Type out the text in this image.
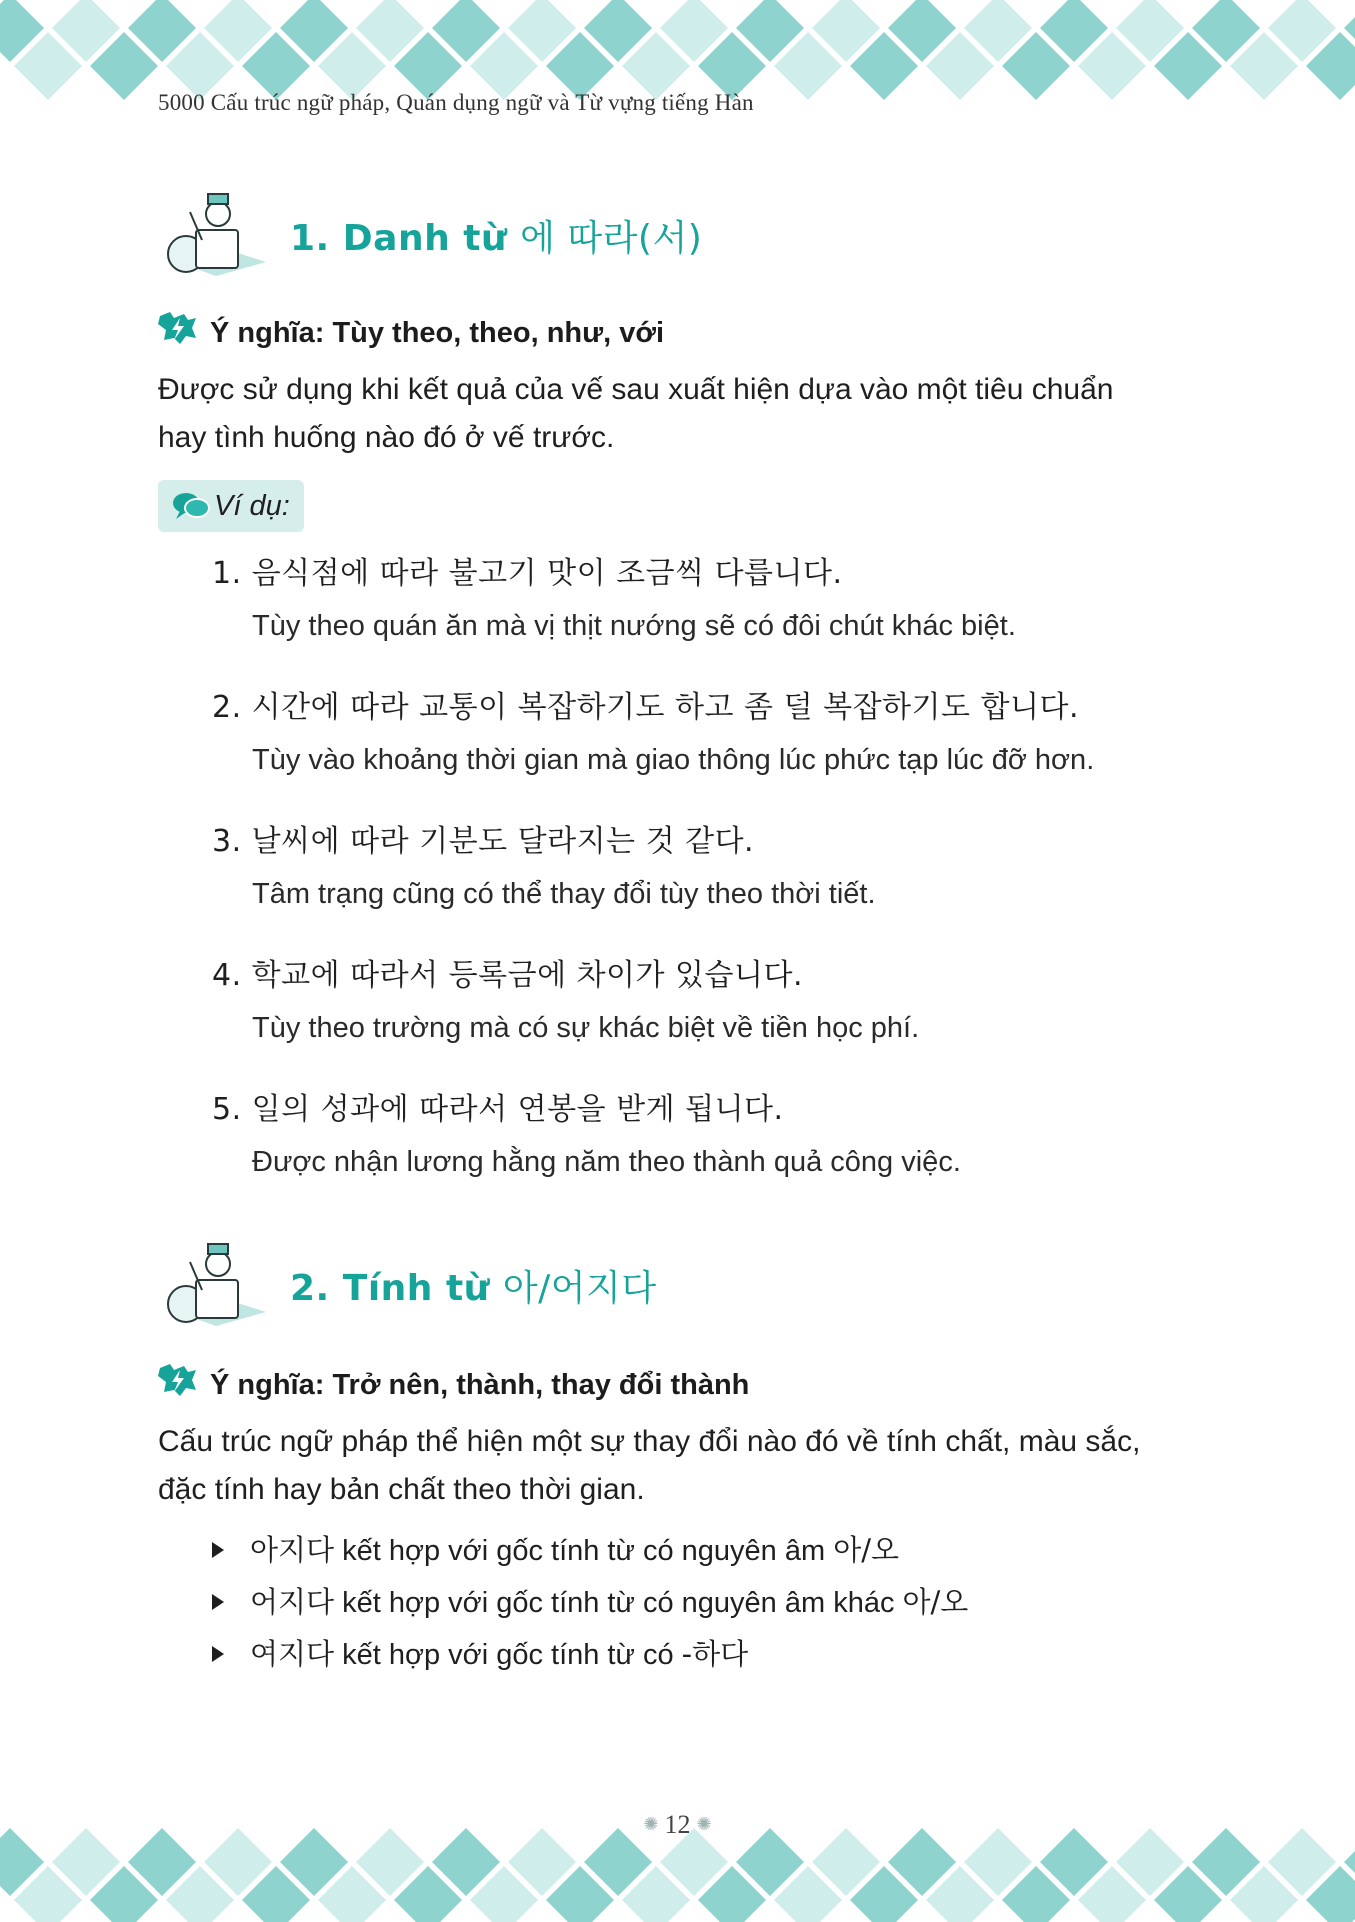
5000 Cấu trúc ngữ pháp, Quán dụng ngữ và Từ vựng tiếng Hàn
1. Danh từ 에 따라(서)
Ý nghĩa: Tùy theo, theo, như, với
Được sử dụng khi kết quả của vế sau xuất hiện dựa vào một tiêu chuẩn
hay tình huống nào đó ở vế trước.
Ví dụ:
1. 음식점에 따라 불고기 맛이 조금씩 다릅니다.
Tùy theo quán ăn mà vị thịt nướng sẽ có đôi chút khác biệt.
2. 시간에 따라 교통이 복잡하기도 하고 좀 덜 복잡하기도 합니다.
Tùy vào khoảng thời gian mà giao thông lúc phức tạp lúc đỡ hơn.
3. 날씨에 따라 기분도 달라지는 것 같다.
Tâm trạng cũng có thể thay đổi tùy theo thời tiết.
4. 학교에 따라서 등록금에 차이가 있습니다.
Tùy theo trường mà có sự khác biệt về tiền học phí.
5. 일의 성과에 따라서 연봉을 받게 됩니다.
Được nhận lương hằng năm theo thành quả công việc.
2. Tính từ 아/어지다
Ý nghĩa: Trở nên, thành, thay đổi thành
Cấu trúc ngữ pháp thể hiện một sự thay đổi nào đó về tính chất, màu sắc,
đặc tính hay bản chất theo thời gian.
아지다 kết hợp với gốc tính từ có nguyên âm 아/오
어지다 kết hợp với gốc tính từ có nguyên âm khác 아/오
여지다 kết hợp với gốc tính từ có -하다
✺ 12 ✺
